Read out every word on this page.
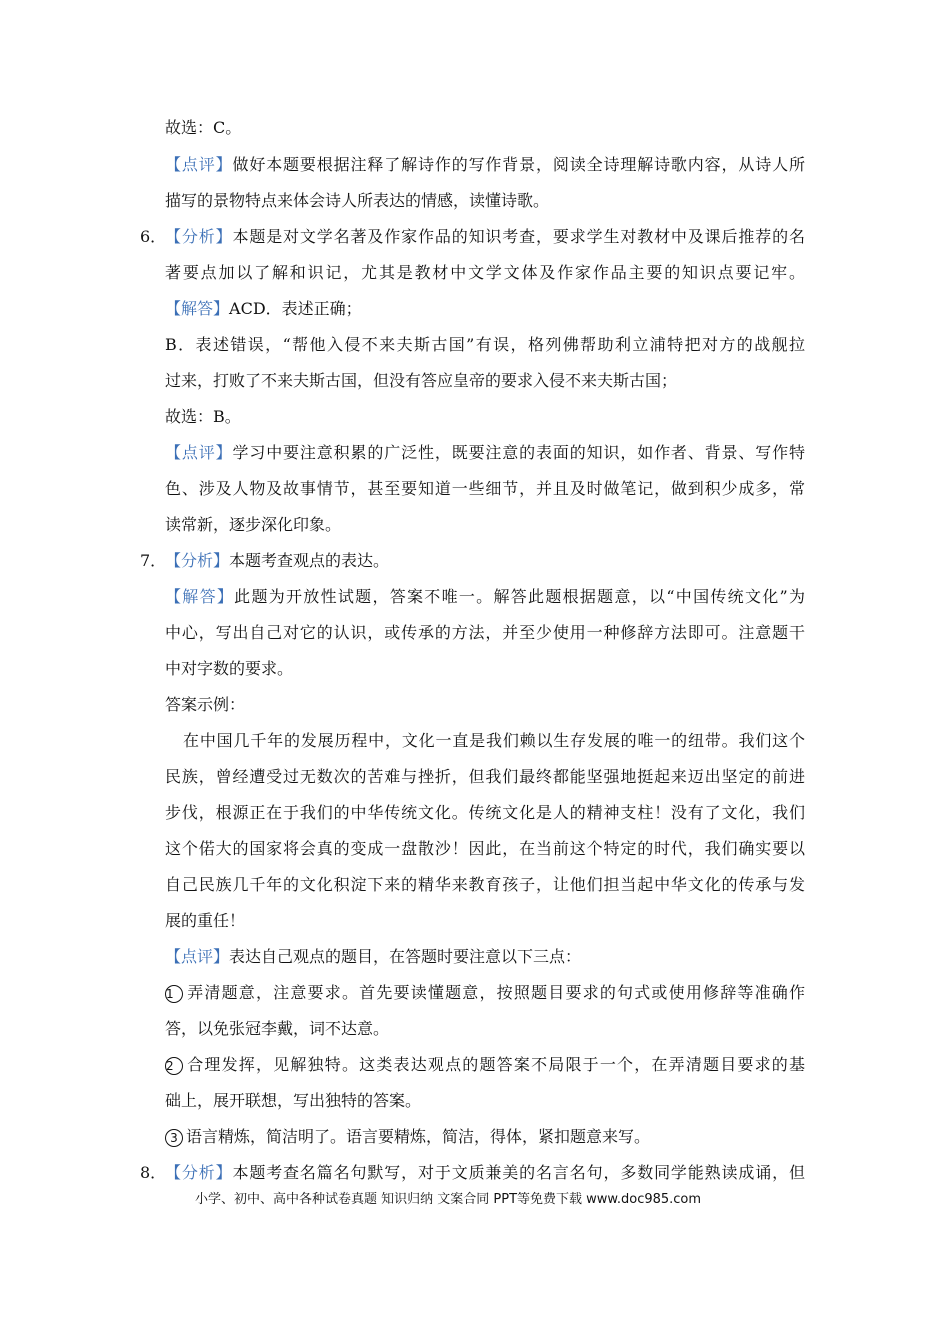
故选：C。
【点评】做好本题要根据注释了解诗作的写作背景，阅读全诗理解诗歌内容，从诗人所
描写的景物特点来体会诗人所表达的情感，读懂诗歌。
6．
【分析】本题是对文学名著及作家作品的知识考查，要求学生对教材中及课后推荐的名
著要点加以了解和识记，尤其是教材中文学文体及作家作品主要的知识点要记牢。
【解答】ACD．表述正确；
B．表述错误，“帮他入侵不来夫斯古国”有误，格列佛帮助利立浦特把对方的战舰拉
过来，打败了不来夫斯古国，但没有答应皇帝的要求入侵不来夫斯古国；
故选：B。
【点评】学习中要注意积累的广泛性，既要注意的表面的知识，如作者、背景、写作特
色、涉及人物及故事情节，甚至要知道一些细节，并且及时做笔记，做到积少成多，常
读常新，逐步深化印象。
7．
【分析】本题考查观点的表达。
【解答】此题为开放性试题，答案不唯一。解答此题根据题意，以“中国传统文化”为
中心，写出自己对它的认识，或传承的方法，并至少使用一种修辞方法即可。注意题干
中对字数的要求。
答案示例：
在中国几千年的发展历程中，文化一直是我们赖以生存发展的唯一的纽带。我们这个
民族，曾经遭受过无数次的苦难与挫折，但我们最终都能坚强地挺起来迈出坚定的前进
步伐，根源正在于我们的中华传统文化。传统文化是人的精神支柱！没有了文化，我们
这个偌大的国家将会真的变成一盘散沙！因此，在当前这个特定的时代，我们确实要以
自己民族几千年的文化积淀下来的精华来教育孩子，让他们担当起中华文化的传承与发
展的重任！
【点评】表达自己观点的题目，在答题时要注意以下三点：
1 弄清题意，注意要求。首先要读懂题意，按照题目要求的句式或使用修辞等准确作
答，以免张冠李戴，词不达意。
2 合理发挥，见解独特。这类表达观点的题答案不局限于一个，在弄清题目要求的基
础上，展开联想，写出独特的答案。
3 语言精炼，简洁明了。语言要精炼，简洁，得体，紧扣题意来写。
8．
【分析】本题考查名篇名句默写，对于文质兼美的名言名句，多数同学能熟读成诵，但
小学、初中、高中各种试卷真题 知识归纳 文案合同 PPT等免费下载 www.doc985.com
